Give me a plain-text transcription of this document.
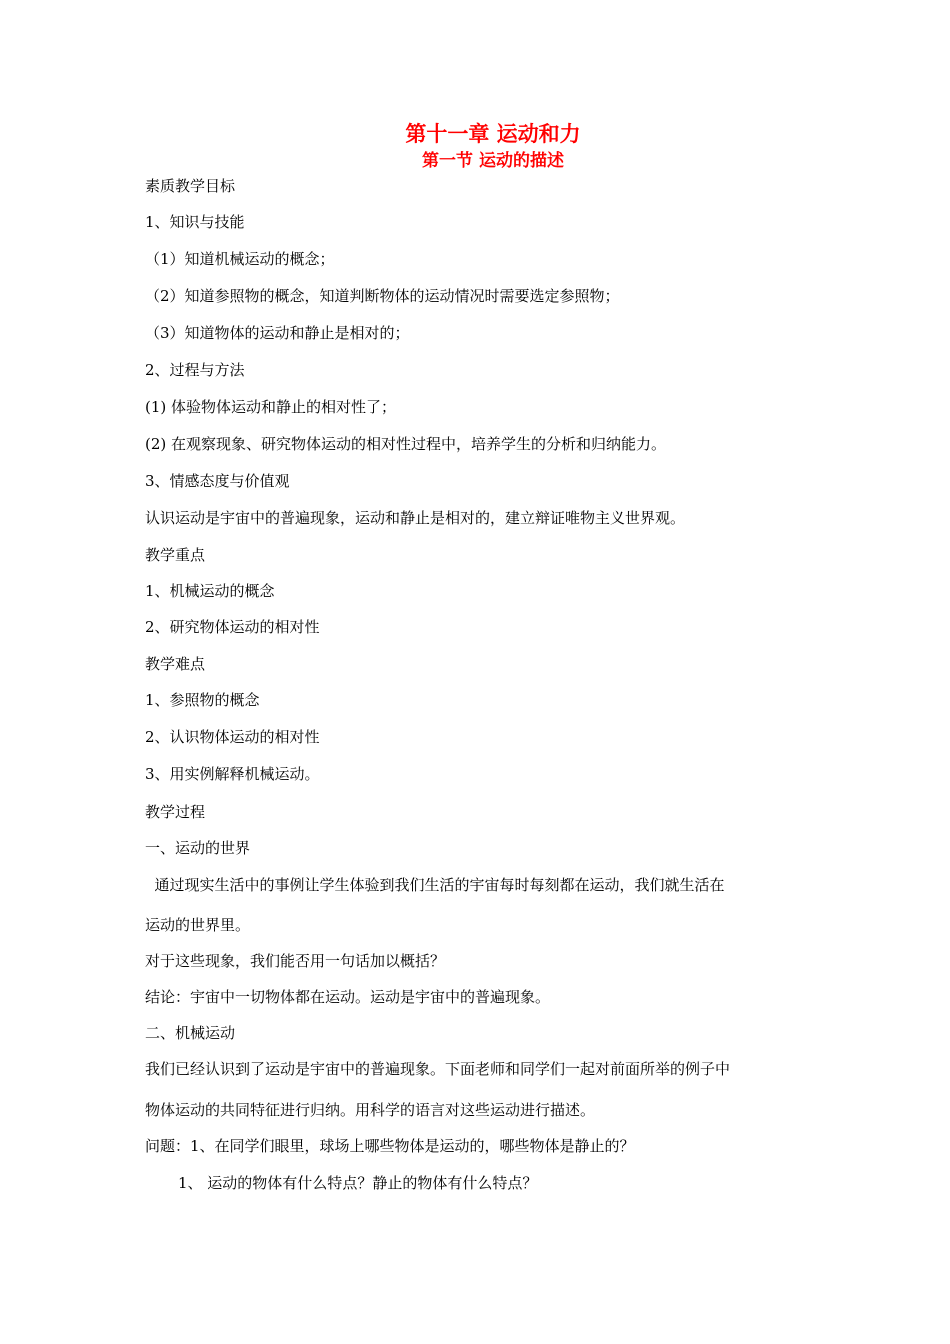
第十一章 运动和力
第一节 运动的描述
素质教学目标
1、知识与技能
（1）知道机械运动的概念；
（2）知道参照物的概念，知道判断物体的运动情况时需要选定参照物；
（3）知道物体的运动和静止是相对的；
2、过程与方法
(1) 体验物体运动和静止的相对性了；
(2) 在观察现象、研究物体运动的相对性过程中，培养学生的分析和归纳能力。
3、情感态度与价值观
认识运动是宇宙中的普遍现象，运动和静止是相对的，建立辩证唯物主义世界观。
教学重点
1、机械运动的概念
2、研究物体运动的相对性
教学难点
1、参照物的概念
2、认识物体运动的相对性
3、用实例解释机械运动。
教学过程
一、运动的世界
通过现实生活中的事例让学生体验到我们生活的宇宙每时每刻都在运动，我们就生活在
运动的世界里。
对于这些现象，我们能否用一句话加以概括？
结论：宇宙中一切物体都在运动。运动是宇宙中的普遍现象。
二、机械运动
我们已经认识到了运动是宇宙中的普遍现象。下面老师和同学们一起对前面所举的例子中
物体运动的共同特征进行归纳。用科学的语言对这些运动进行描述。
问题：1、在同学们眼里，球场上哪些物体是运动的，哪些物体是静止的？
1、 运动的物体有什么特点？静止的物体有什么特点？
